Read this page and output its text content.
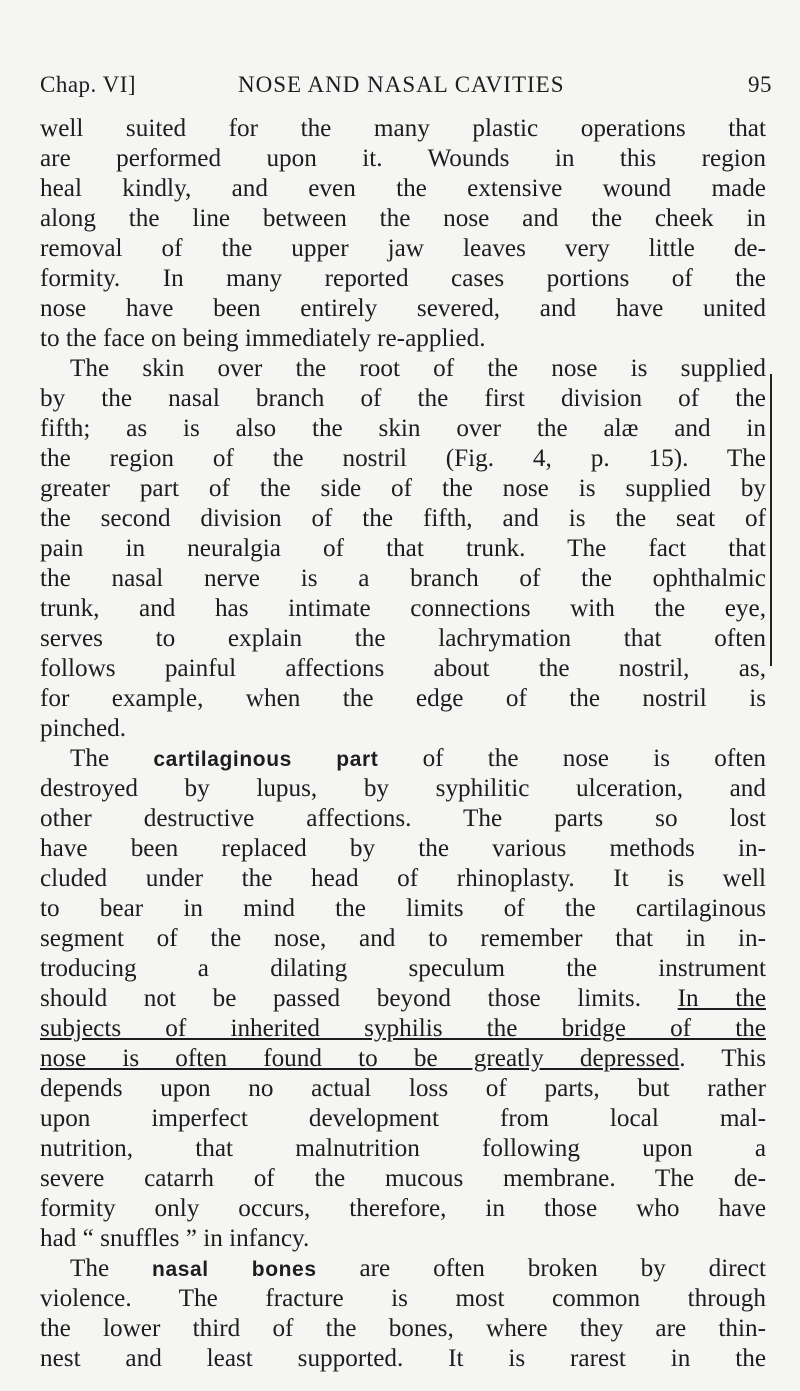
Chap. VI]	NOSE AND NASAL CAVITIES	95
well suited for the many plastic operations that
are performed upon it. Wounds in this region
heal kindly, and even the extensive wound made
along the line between the nose and the cheek in
removal of the upper jaw leaves very little de-
formity. In many reported cases portions of the
nose have been entirely severed, and have united
to the face on being immediately re-applied.
The skin over the root of the nose is supplied
by the nasal branch of the first division of the
fifth; as is also the skin over the alæ and in
the region of the nostril (Fig. 4, p. 15). The
greater part of the side of the nose is supplied by
the second division of the fifth, and is the seat of
pain in neuralgia of that trunk. The fact that
the nasal nerve is a branch of the ophthalmic
trunk, and has intimate connections with the eye,
serves to explain the lachrymation that often
follows painful affections about the nostril, as,
for example, when the edge of the nostril is
pinched.
The cartilaginous part of the nose is often
destroyed by lupus, by syphilitic ulceration, and
other destructive affections. The parts so lost
have been replaced by the various methods in-
cluded under the head of rhinoplasty. It is well
to bear in mind the limits of the cartilaginous
segment of the nose, and to remember that in in-
troducing a dilating speculum the instrument
should not be passed beyond those limits. In the
subjects of inherited syphilis the bridge of the
nose is often found to be greatly depressed. This
depends upon no actual loss of parts, but rather
upon imperfect development from local mal-
nutrition, that malnutrition following upon a
severe catarrh of the mucous membrane. The de-
formity only occurs, therefore, in those who have
had “ snuffles ” in infancy.
The nasal bones are often broken by direct
violence. The fracture is most common through
the lower third of the bones, where they are thin-
nest and least supported. It is rarest in the
